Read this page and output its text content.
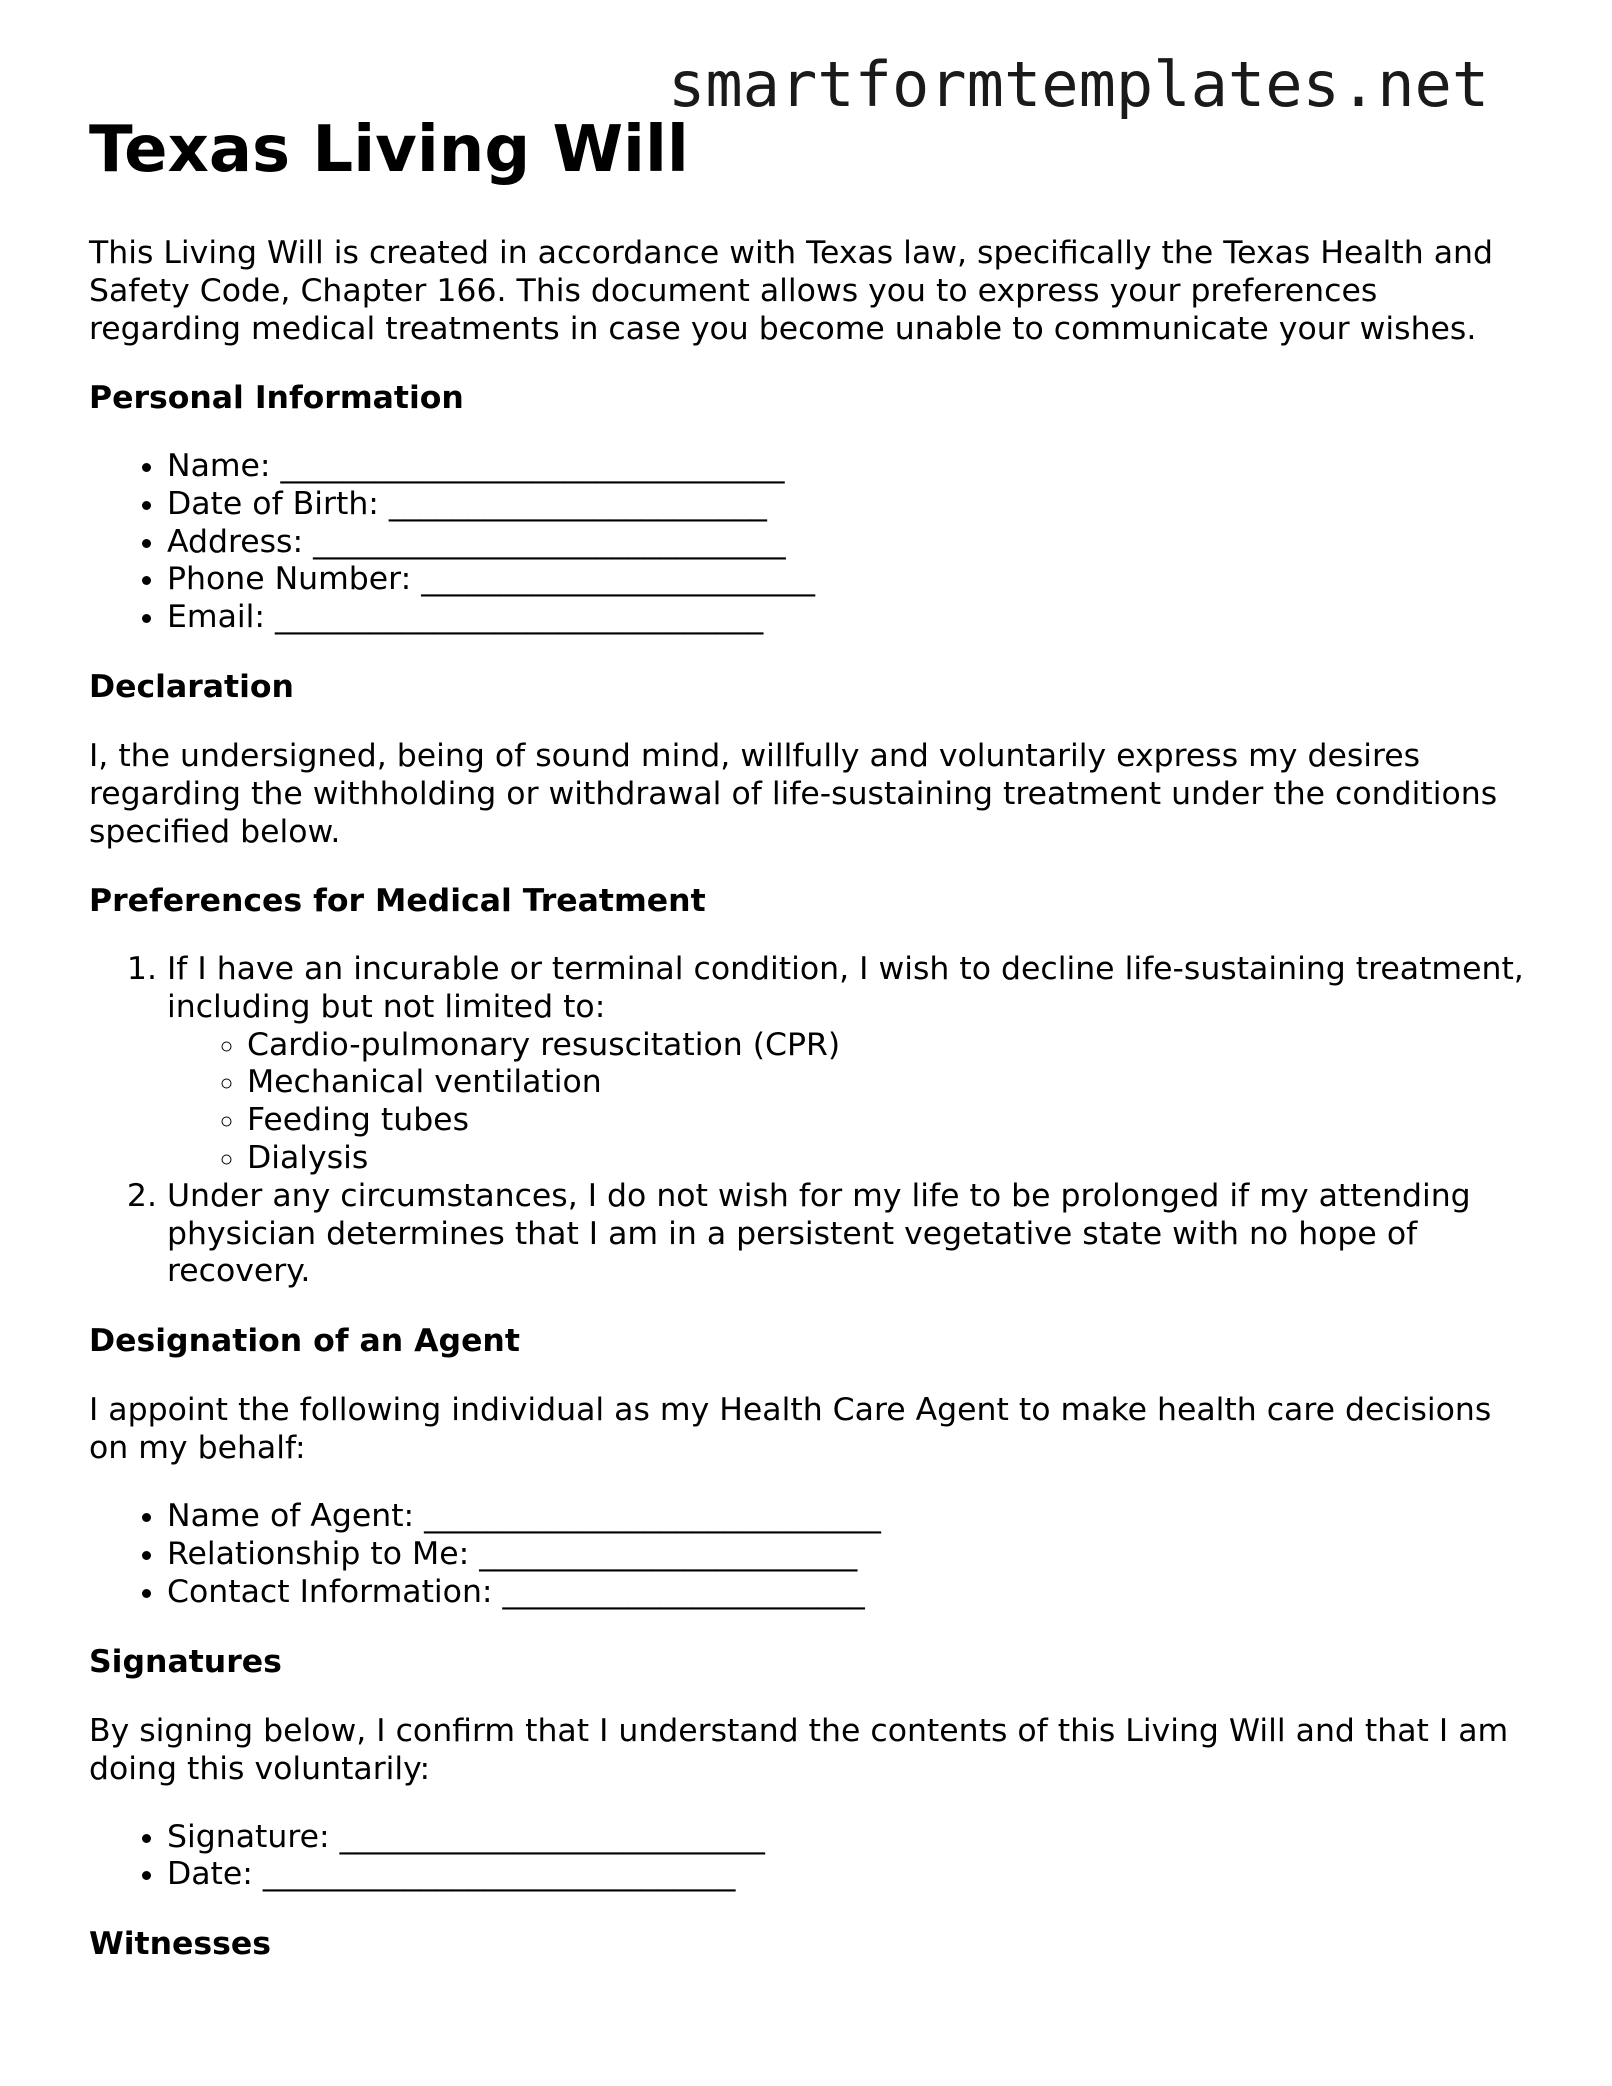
smartformtemplates.net
Texas Living Will

This Living Will is created in accordance with Texas law, specifically the Texas Health and Safety Code, Chapter 166. This document allows you to express your preferences regarding medical treatments in case you become unable to communicate your wishes.

Personal Information
• Name: ________________________________
• Date of Birth: ________________________
• Address: ______________________________
• Phone Number: _________________________
• Email: _______________________________
Declaration

I, the undersigned, being of sound mind, willfully and voluntarily express my desires regarding the withholding or withdrawal of life-sustaining treatment under the conditions specified below.

Preferences for Medical Treatment
1. If I have an incurable or terminal condition, I wish to decline life-sustaining treatment, including but not limited to:
◦ Cardio-pulmonary resuscitation (CPR)
◦ Mechanical ventilation
◦ Feeding tubes
◦ Dialysis
2. Under any circumstances, I do not wish for my life to be prolonged if my attending physician determines that I am in a persistent vegetative state with no hope of recovery.
Designation of an Agent

I appoint the following individual as my Health Care Agent to make health care decisions on my behalf:

• Name of Agent: _____________________________
• Relationship to Me: ________________________
• Contact Information: _______________________
Signatures

By signing below, I confirm that I understand the contents of this Living Will and that I am doing this voluntarily:

• Signature: ___________________________
• Date: ______________________________
Witnesses
